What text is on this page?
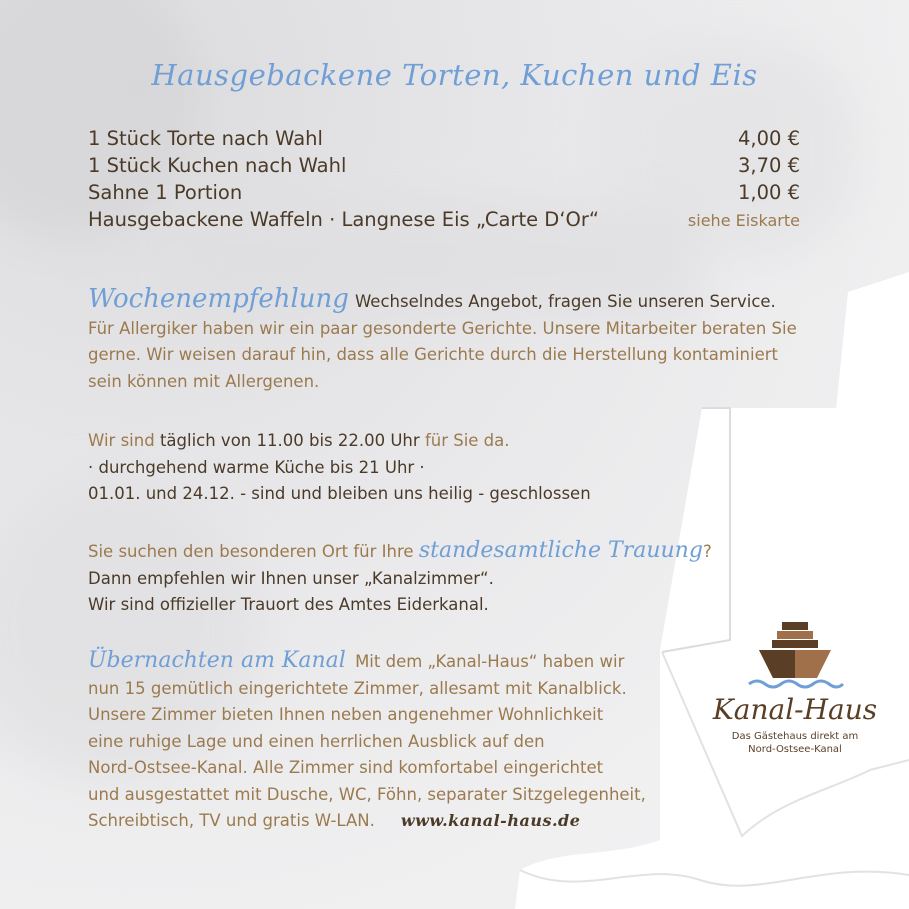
Hausgebackene Torten, Kuchen und Eis
1 Stück Torte nach Wahl	4,00 €
1 Stück Kuchen nach Wahl	3,70 €
Sahne 1 Portion	1,00 €
Hausgebackene Waffeln · Langnese Eis „Carte D‘Or“	siehe Eiskarte
Wochenempfehlung Wechselndes Angebot, fragen Sie unseren Service.
Für Allergiker haben wir ein paar gesonderte Gerichte. Unsere Mitarbeiter beraten Sie gerne. Wir weisen darauf hin, dass alle Gerichte durch die Herstellung kontaminiert sein können mit Allergenen.
Wir sind täglich von 11.00 bis 22.00 Uhr für Sie da.
· durchgehend warme Küche bis 21 Uhr ·
01.01. und 24.12. - sind und bleiben uns heilig - geschlossen
Sie suchen den besonderen Ort für Ihre standesamtliche Trauung?
Dann empfehlen wir Ihnen unser „Kanalzimmer“.
Wir sind offizieller Trauort des Amtes Eiderkanal.
Übernachten am Kanal Mit dem „Kanal-Haus“ haben wir
nun 15 gemütlich eingerichtete Zimmer, allesamt mit Kanalblick.
Unsere Zimmer bieten Ihnen neben angenehmer Wohnlichkeit
eine ruhige Lage und einen herrlichen Ausblick auf den
Nord-Ostsee-Kanal. Alle Zimmer sind komfortabel eingerichtet
und ausgestattet mit Dusche, WC, Föhn, separater Sitzgelegenheit,
Schreibtisch, TV und gratis W-LAN. www.kanal-haus.de
Kanal-Haus
Das Gästehaus direkt am
Nord-Ostsee-Kanal
